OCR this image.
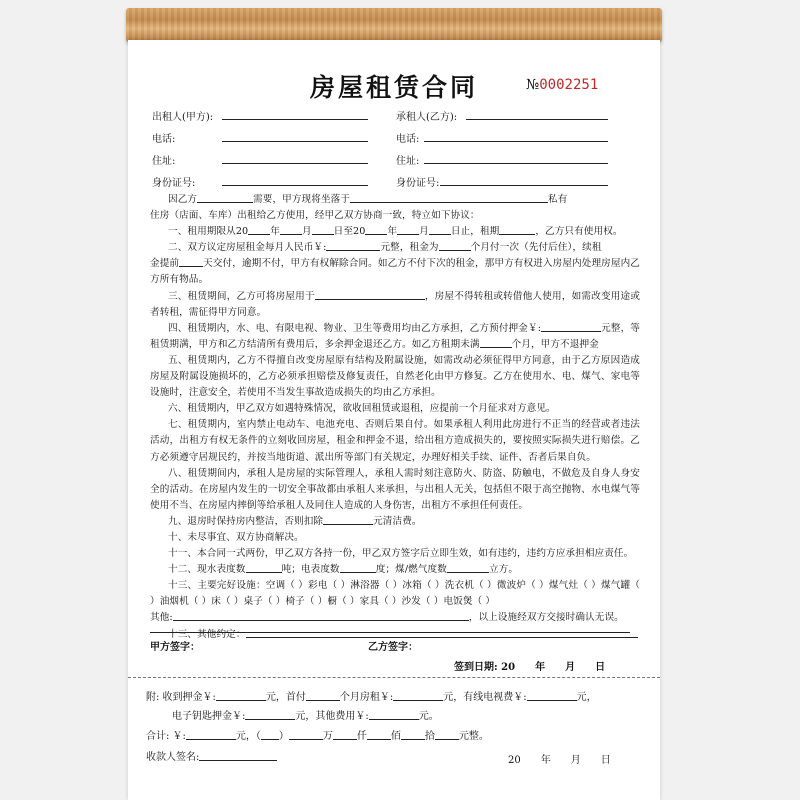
房屋租赁合同	№0002251
出租人(甲方):	承租人(乙方):
电话:	电话:
住址:	住址:
身份证号:	身份证号:

因乙方	需要，甲方现将坐落于	私有

住房（店面、车库）出租给乙方使用，经甲乙双方协商一致，特立如下协议：

一、租用期限从20 年 月 日至20 年 月 日止，租期	，乙方只有使用权。

二、双方议定房屋租金每月人民币￥:	元整，租金为	个月付一次（先付后住），续租
金提前	天交付，逾期不付，甲方有权解除合同。如乙方不付下次的租金，那甲方有权进入房屋内处理房屋内乙方所有物品。

三、租赁期间，乙方可将房屋用于	，房屋不得转租或转借他人使用，如需改变用途或者转租，需征得甲方同意。

四、租赁期内，水、电、有限电视、物业、卫生等费用均由乙方承担，乙方预付押金￥:	元整，等租赁期满，甲方和乙方结清所有费用后，多余押金退还乙方。如乙方租期未满	个月，甲方不退押金

五、租赁期内，乙方不得擅自改变房屋原有结构及附属设施，如需改动必须征得甲方同意，由于乙方原因造成房屋及附属设施损坏的，乙方必须承担赔偿及修复责任，自然老化由甲方修复。乙方在使用水、电、煤气、家电等设施时，注意安全，若使用不当发生事故造成损失的均由乙方承担。

六、租赁期内，甲乙双方如遇特殊情况，欲收回租赁或退租，应提前一个月征求对方意见。

七、租赁期内，室内禁止电动车、电池充电、否则后果自付。如果承租人利用此房进行不正当的经营或者违法活动，出租方有权无条件的立刻收回房屋，租金和押金不退，给出租方造成损失的，要按照实际损失进行赔偿。乙方必须遵守居规民约，并按当地街道、派出所等部门有关规定，办理好相关手续、证件、否者后果自负。

八、租赁期间内，承租人是房屋的实际管理人，承租人需时刻注意防火、防盗、防触电，不做危及自身人身安全的活动。在房屋内发生的一切安全事故都由承租人来承担，与出租人无关，包括但不限于高空抛物、水电煤气等使用不当、在房屋内摔倒等给承租人及同住人造成的人身伤害，出租方不承担任何责任。

九、退房时保持房内整洁，否则扣除	元清洁费。

十、未尽事宜、双方协商解决。

十一、本合同一式两份，甲乙双方各持一份，甲乙双方签字后立即生效，如有违约，违约方应承担相应责任。

十二、现水表度数	吨；电表度数	度；煤/燃气度数	立方。

十三、主要完好设施：空调（ ）彩电（ ）淋浴器（ ）冰箱（ ）洗衣机（ ）微波炉（ ）煤气灶（ ）煤气罐（ ）油烟机（ ）床（ ）桌子（ ）椅子（ ）橱（ ）家具（ ）沙发（ ）电饭煲（ ）

其他:	，以上设施经双方交接时确认无误。

十三、其他约定：

甲方签字：	乙方签字：
签到日期: 20　　年　　月　　日
附: 收到押金￥:	元，首付	个月房租￥:	元，有线电视费￥:	元，
电子钥匙押金￥:	元，其他费用￥:	元。
合计: ￥:	元，（ ）	万 仟 佰 拾 元整。
收款人签名:	20　　年　　月　　日
